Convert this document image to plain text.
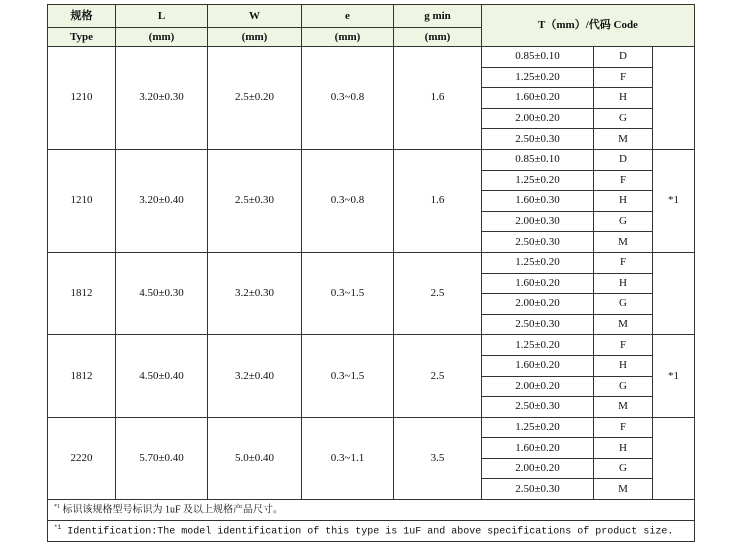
规格	L	W	e	g min	T（mm）/代码 Code		
Type	(mm)	(mm)	(mm)	(mm)			
1210	3.20±0.30	2.5±0.20	0.3~0.8	1.6	0.85±0.10	D	
					1.25±0.20	F	
					1.60±0.20	H	
					2.00±0.20	G	
					2.50±0.30	M	
1210	3.20±0.40	2.5±0.30	0.3~0.8	1.6	0.85±0.10	D	*1
					1.25±0.20	F	
					1.60±0.30	H	
					2.00±0.30	G	
					2.50±0.30	M	
1812	4.50±0.30	3.2±0.30	0.3~1.5	2.5	1.25±0.20	F	
					1.60±0.20	H	
					2.00±0.20	G	
					2.50±0.30	M	
1812	4.50±0.40	3.2±0.40	0.3~1.5	2.5	1.25±0.20	F	*1
					1.60±0.20	H	
					2.00±0.20	G	
					2.50±0.30	M	
2220	5.70±0.40	5.0±0.40	0.3~1.1	3.5	1.25±0.20	F	
					1.60±0.20	H	
					2.00±0.20	G	
					2.50±0.30	M	
$^{*1}$ 标识该规格型号标识为 1uF 及以上规格产品尺寸。							
$^{*1}$ Identification:The model identification of this type is 1uF and above specifications of product size.							
